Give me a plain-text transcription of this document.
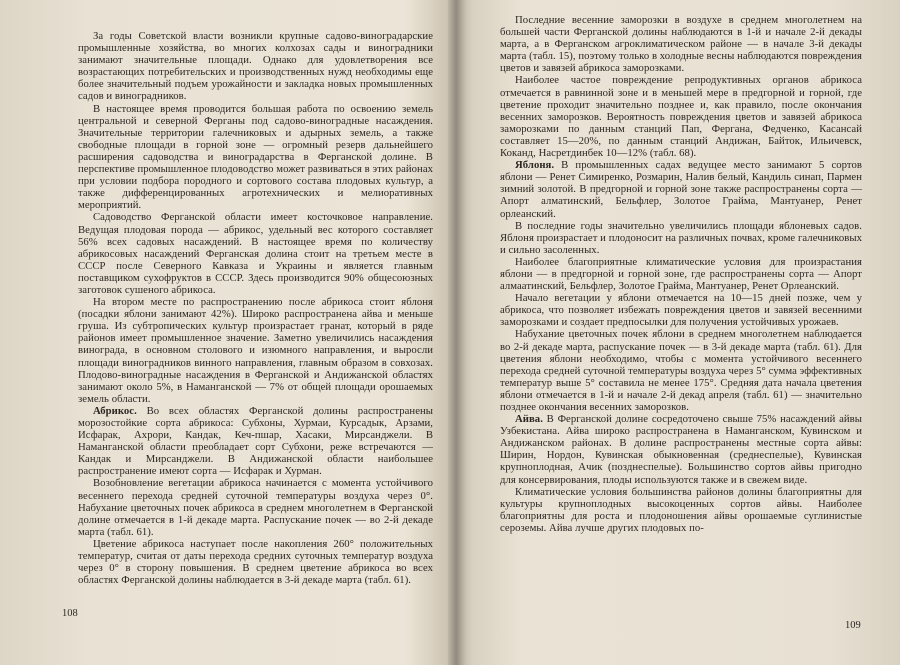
За годы Советской власти возникли крупные садово-виноградарские промышленные хозяйства, во многих колхозах сады и виноградники занимают значительные площади. Однако для удовлетворения все возрастающих потребительских и производственных нужд необходимы еще более значительный подъем урожайности и закладка новых промышленных садов и виноградников.
В настоящее время проводится большая работа по освоению земель центральной и северной Ферганы под садово-виноградные насаждения. Значительные территории галечниковых и адырных земель, а также свободные площади в горной зоне — огромный резерв дальнейшего расширения садоводства и виноградарства в Ферганской долине. В перспективе промышленное плодоводство может развиваться в этих районах при условии подбора породного и сортового состава плодовых культур, а также дифференцированных агротехнических и мелиоративных мероприятий.
Садоводство Ферганской области имеет косточковое направление. Ведущая плодовая порода — абрикос, удельный вес которого составляет 56% всех садовых насаждений. В настоящее время по количеству абрикосовых насаждений Ферганская долина стоит на третьем месте в СССР после Северного Кавказа и Украины и является главным поставщиком сухофруктов в СССР. Здесь производится 90% общесоюзных заготовок сушеного абрикоса.
На втором месте по распространению после абрикоса стоит яблоня (посадки яблони занимают 42%). Широко распространена айва и меньше груша. Из субтропических культур произрастает гранат, который в ряде районов имеет промышленное значение. Заметно увеличились насаждения винограда, в основном столового и изюмного направления, и выросли площади виноградников винного направления, главным образом в совхозах. Плодово-виноградные насаждения в Ферганской и Андижанской областях занимают около 5%, в Наманганской — 7% от общей площади орошаемых земель области.
Абрикос. Во всех областях Ферганской долины распространены морозостойкие сорта абрикоса: Субхоны, Хурмаи, Курсадык, Арзами, Исфарак, Ахрори, Кандак, Кеч-пшар, Хасаки, Мирсанджели. В Наманганской области преобладает сорт Субхони, реже встречаются — Кандак и Мирсанджели. В Андижанской области наибольшее распространение имеют сорта — Исфарак и Хурман.
Возобновление вегетации абрикоса начинается с момента устойчивого весеннего перехода средней суточной температуры воздуха через 0°. Набухание цветочных почек абрикоса в среднем многолетнем в Ферганской долине отмечается в 1-й декаде марта. Распускание почек — во 2-й декаде марта (табл. 61).
Цветение абрикоса наступает после накопления 260° положительных температур, считая от даты перехода средних суточных температур воздуха через 0° в сторону повышения. В среднем цветение абрикоса во всех областях Ферганской долины наблюдается в 3-й декаде марта (табл. 61).
Последние весенние заморозки в воздухе в среднем многолетнем на большей части Ферганской долины наблюдаются в 1-й и начале 2-й декады марта, а в Ферганском агроклиматическом районе — в начале 3-й декады марта (табл. 15), поэтому только в холодные весны наблюдаются повреждения цветов и завязей абрикоса заморозками.
Наиболее частое повреждение репродуктивных органов абрикоса отмечается в равнинной зоне и в меньшей мере в предгорной и горной, где цветение проходит значительно позднее и, как правило, после окончания весенних заморозков. Вероятность повреждения цветов и завязей абрикоса заморозками по данным станций Пап, Фергана, Федченко, Касансай составляет 15—20%, по данным станций Андижан, Байток, Ильичевск, Коканд, Насретдинбек 10—12% (табл. 68).
Яблоня. В промышленных садах ведущее место занимают 5 сортов яблони — Ренет Симиренко, Розмарин, Налив белый, Кандиль синап, Пармен зимний золотой. В предгорной и горной зоне также распространены сорта — Апорт алматинский, Бельфлер, Золотое Грайма, Мантуанер, Ренет орлеанский.
В последние годы значительно увеличились площади яблоневых садов. Яблоня произрастает и плодоносит на различных почвах, кроме галечниковых и сильно засоленных.
Наиболее благоприятные климатические условия для произрастания яблони — в предгорной и горной зоне, где распространены сорта — Апорт алмаатинский, Бельфлер, Золотое Грайма, Мантуанер, Ренет Орлеанский.
Начало вегетации у яблони отмечается на 10—15 дней позже, чем у абрикоса, что позволяет избежать повреждения цветов и завязей весенними заморозками и создает предпосылки для получения устойчивых урожаев.
Набухание цветочных почек яблони в среднем многолетнем наблюдается во 2-й декаде марта, распускание почек — в 3-й декаде марта (табл. 61). Для цветения яблони необходимо, чтобы с момента устойчивого весеннего перехода средней суточной температуры воздуха через 5° сумма эффективных температур выше 5° составила не менее 175°. Средняя дата начала цветения яблони отмечается в 1-й и начале 2-й декад апреля (табл. 61) — значительно позднее окончания весенних заморозков.
Айва. В Ферганской долине сосредоточено свыше 75% насаждений айвы Узбекистана. Айва широко распространена в Наманганском, Кувинском и Андижанском районах. В долине распространены местные сорта айвы: Ширин, Нордон, Кувинская обыкновенная (среднеспелые), Кувинская крупноплодная, Ачик (позднеспелые). Большинство сортов айвы пригодно для консервирования, плоды используются также и в свежем виде.
Климатические условия большинства районов долины благоприятны для культуры крупноплодных высокоценных сортов айвы. Наиболее благоприятны для роста и плодоношения айвы орошаемые суглинистые сероземы. Айва лучше других плодовых по-
108
109
